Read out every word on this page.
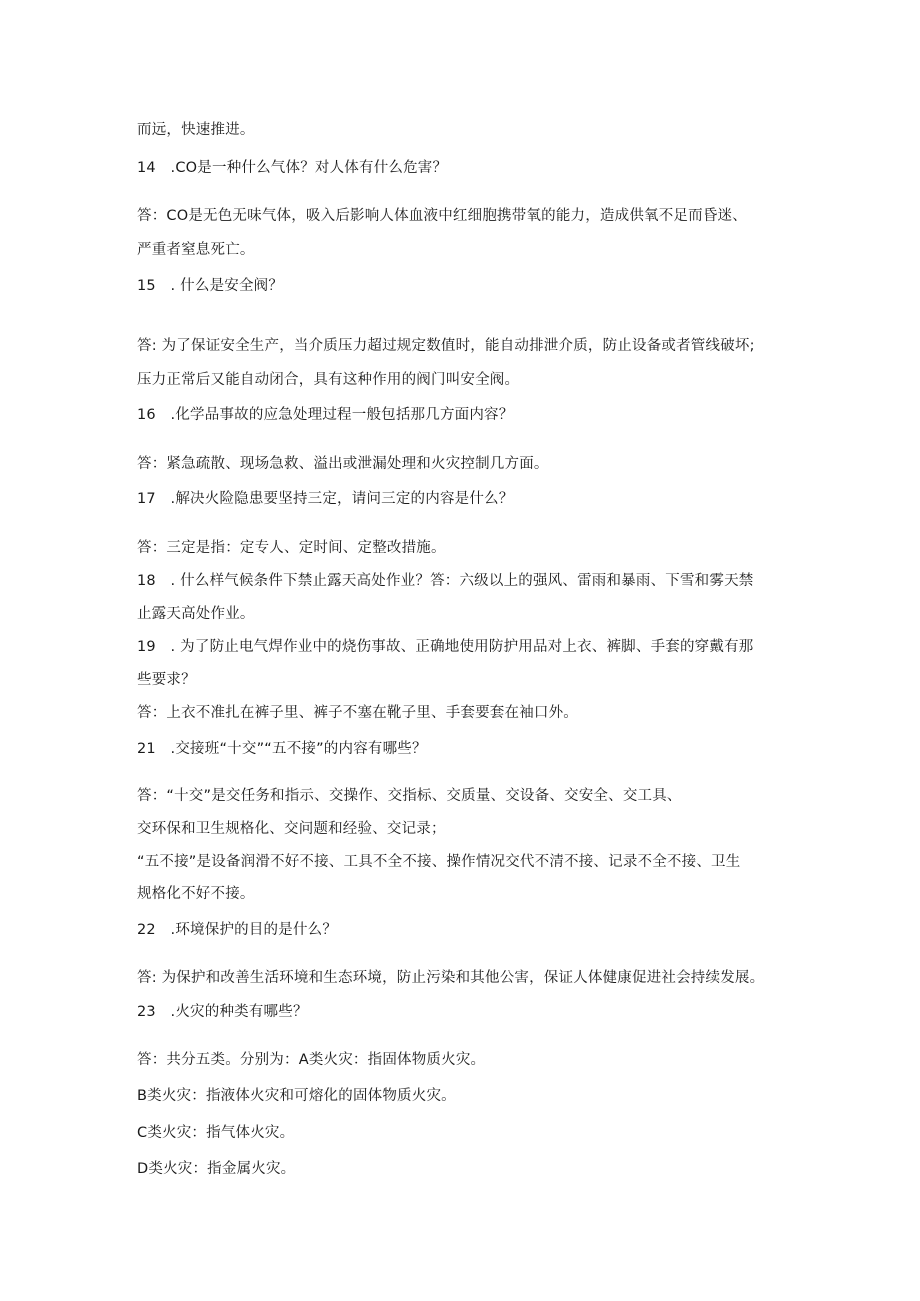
而远，快速推进。
14　.CO是一种什么气体？对人体有什么危害？
答：CO是无色无味气体，吸入后影响人体血液中红细胞携带氧的能力，造成供氧不足而昏迷、
严重者窒息死亡。
15　. 什么是安全阀？
答: 为了保证安全生产，当介质压力超过规定数值时，能自动排泄介质，防止设备或者管线破坏;
压力正常后又能自动闭合，具有这种作用的阀门叫安全阀。
16　.化学品事故的应急处理过程一般包括那几方面内容？
答：紧急疏散、现场急救、溢出或泄漏处理和火灾控制几方面。
17　.解决火险隐患要坚持三定，请问三定的内容是什么？
答：三定是指：定专人、定时间、定整改措施。
18　. 什么样气候条件下禁止露天高处作业？答：六级以上的强风、雷雨和暴雨、下雪和雾天禁
止露天高处作业。
19　. 为了防止电气焊作业中的烧伤事故、正确地使用防护用品对上衣、裤脚、手套的穿戴有那
些要求？
答：上衣不准扎在裤子里、裤子不塞在靴子里、手套要套在袖口外。
21　.交接班“十交”“五不接”的内容有哪些？
答：“十交”是交任务和指示、交操作、交指标、交质量、交设备、交安全、交工具、
交环保和卫生规格化、交问题和经验、交记录；
“五不接”是设备润滑不好不接、工具不全不接、操作情况交代不清不接、记录不全不接、卫生
规格化不好不接。
22　.环境保护的目的是什么？
答: 为保护和改善生活环境和生态环境，防止污染和其他公害，保证人体健康促进社会持续发展。
23　.火灾的种类有哪些？
答：共分五类。分别为：A类火灾：指固体物质火灾。
B类火灾：指液体火灾和可熔化的固体物质火灾。
C类火灾：指气体火灾。
D类火灾：指金属火灾。
